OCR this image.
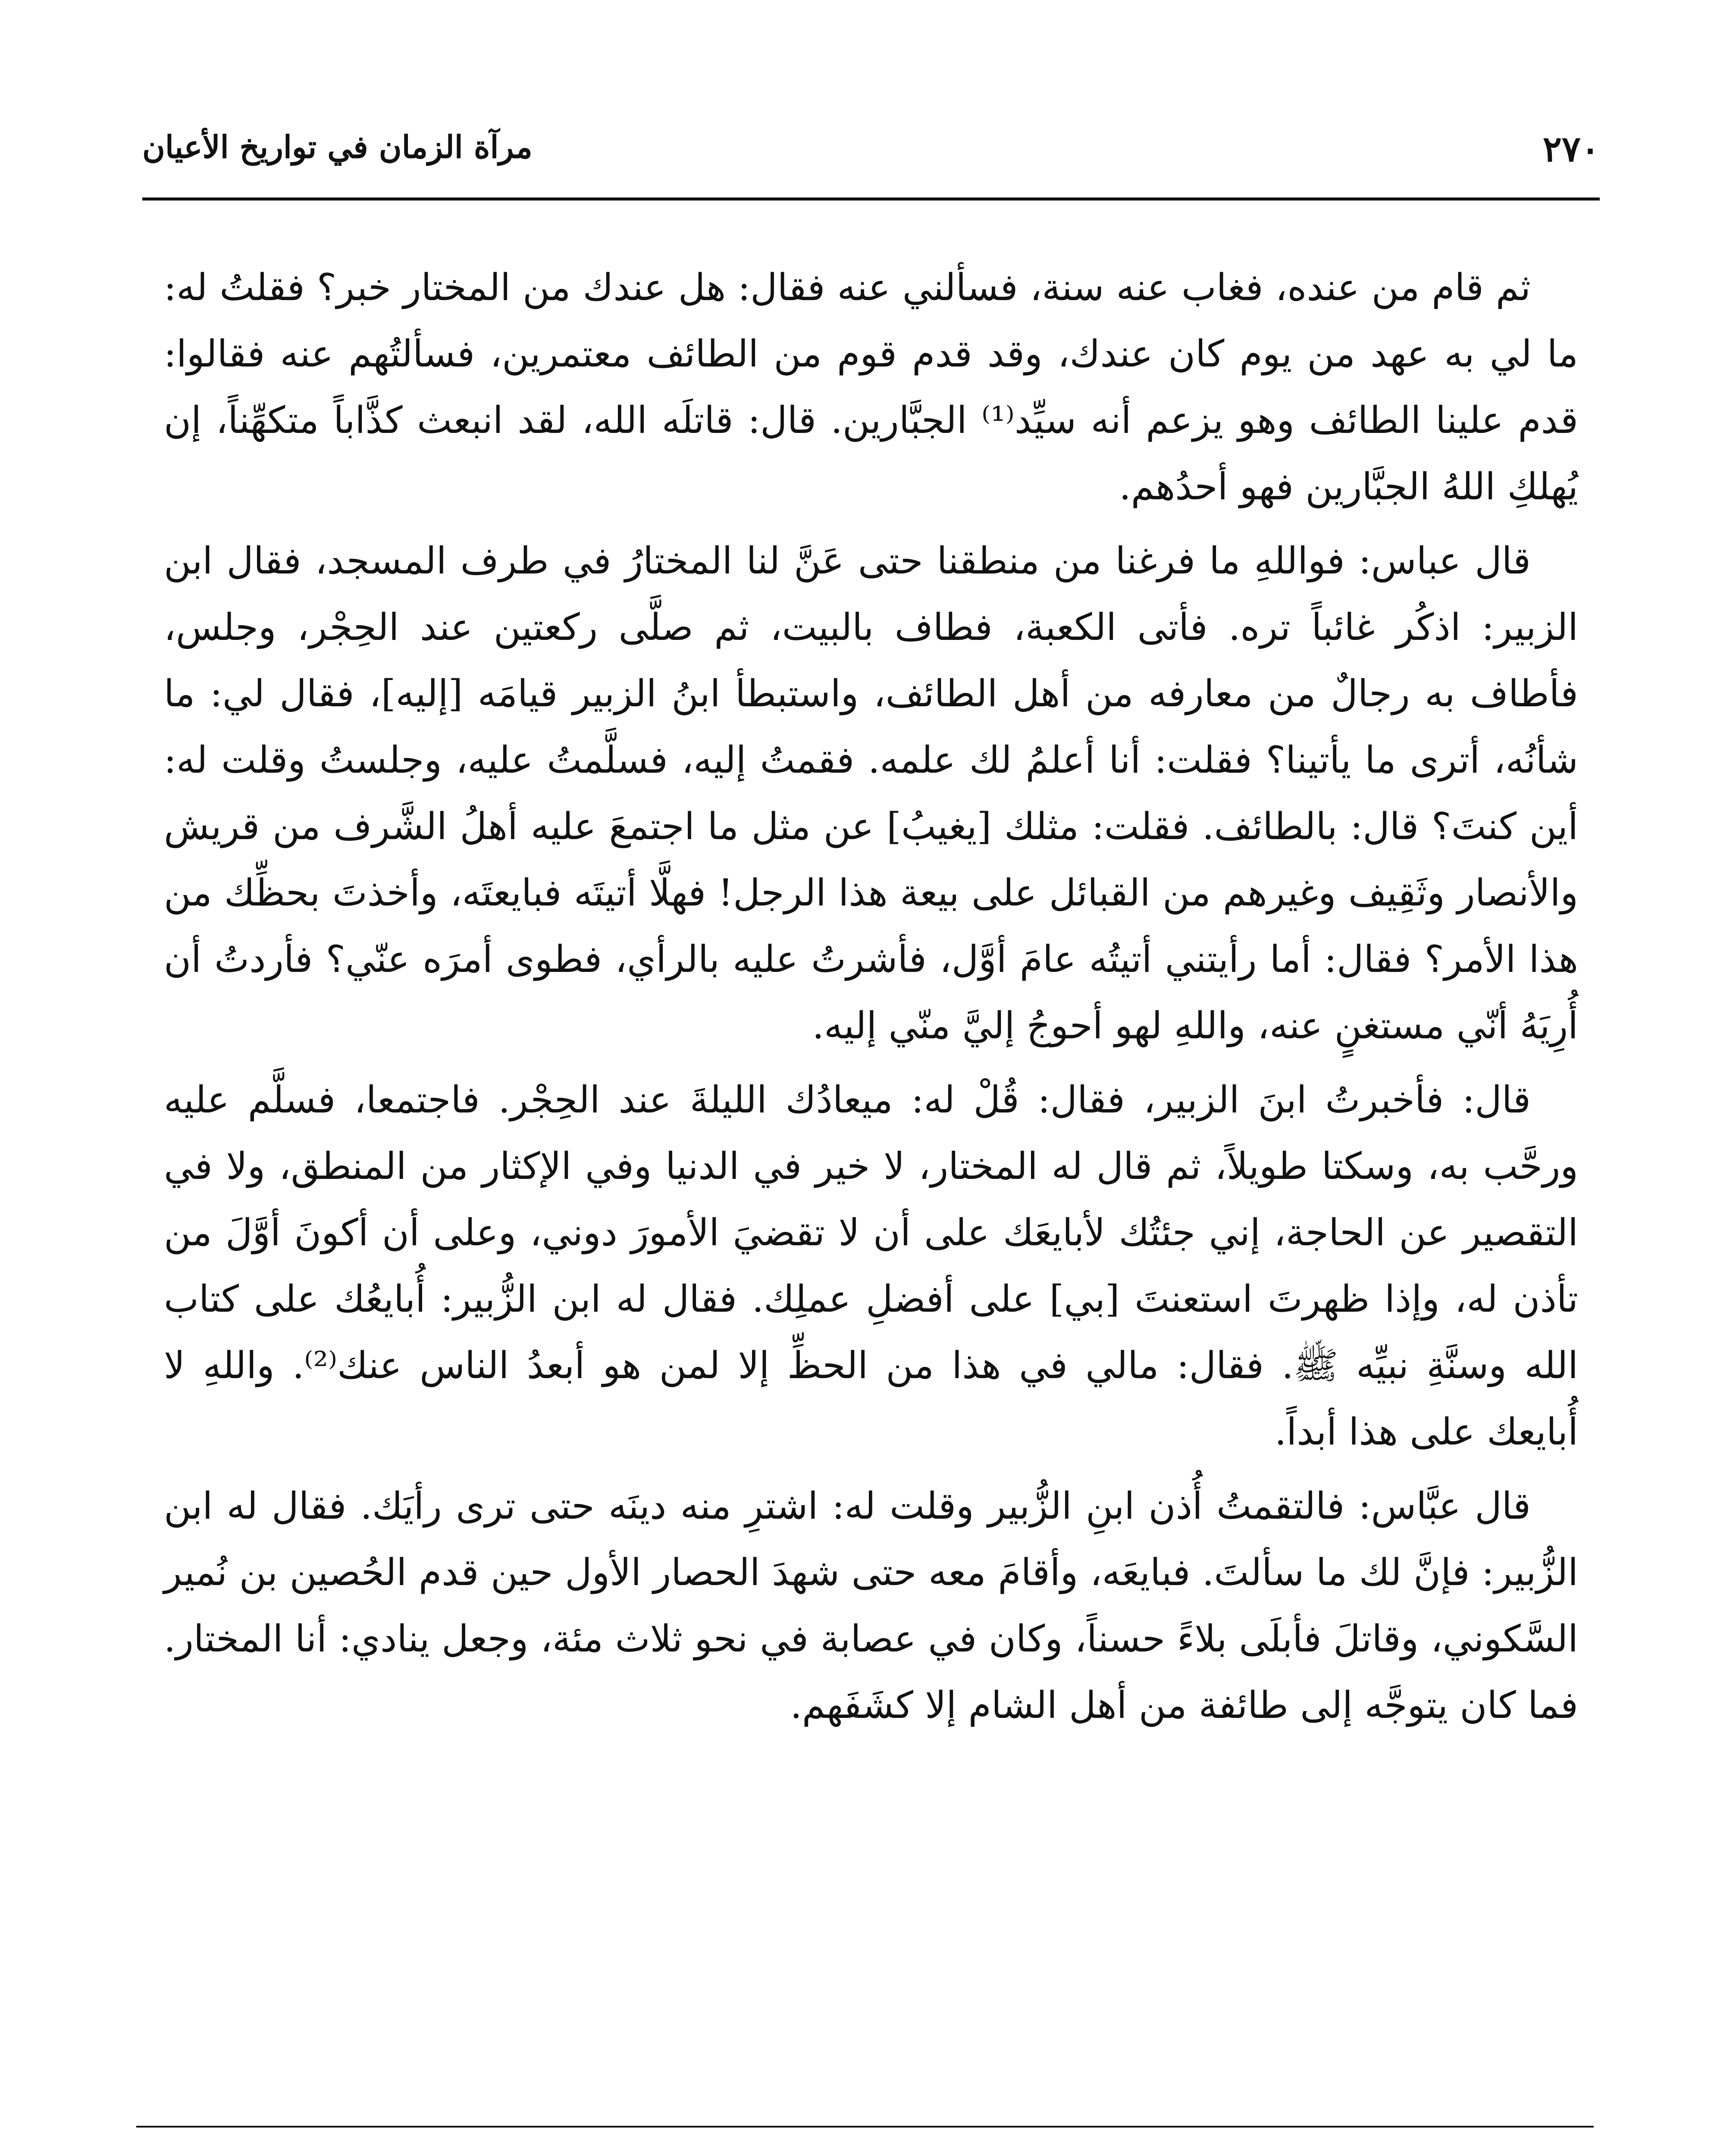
٢٧٠
مرآة الزمان في تواريخ الأعيان

ثم قام من عنده، فغاب عنه سنة، فسألني عنه فقال: هل عندك من المختار خبر؟ فقلتُ له: ما لي به عهد من يوم كان عندك، وقد قدم قوم من الطائف معتمرين، فسألتُهم عنه فقالوا: قدم علينا الطائف وهو يزعم أنه سيِّد⁽¹⁾ الجبَّارين. قال: قاتلَه الله، لقد انبعث كذَّاباً متكهِّناً، إن يُهلكِ اللهُ الجبَّارين فهو أحدُهم.

قال عباس: فواللهِ ما فرغنا من منطقنا حتى عَنَّ لنا المختارُ في طرف المسجد، فقال ابن الزبير: اذكُر غائباً تره. فأتى الكعبة، فطاف بالبيت، ثم صلَّى ركعتين عند الحِجْر، وجلس، فأطاف به رجالٌ من معارفه من أهل الطائف، واستبطأ ابنُ الزبير قيامَه [إليه]، فقال لي: ما شأنُه، أترى ما يأتينا؟ فقلت: أنا أعلمُ لك علمه. فقمتُ إليه، فسلَّمتُ عليه، وجلستُ وقلت له: أين كنتَ؟ قال: بالطائف. فقلت: مثلك [يغيبُ] عن مثل ما اجتمعَ عليه أهلُ الشَّرف من قريش والأنصار وثَقِيف وغيرهم من القبائل على بيعة هذا الرجل! فهلَّا أتيتَه فبايعتَه، وأخذتَ بحظِّك من هذا الأمر؟ فقال: أما رأيتني أتيتُه عامَ أوَّل، فأشرتُ عليه بالرأي، فطوى أمرَه عنّي؟ فأردتُ أن أُرِيَهُ أنّي مستغنٍ عنه، واللهِ لهو أحوجُ إليَّ منّي إليه.

قال: فأخبرتُ ابنَ الزبير، فقال: قُلْ له: ميعادُك الليلةَ عند الحِجْر. فاجتمعا، فسلَّم عليه ورحَّب به، وسكتا طويلاً، ثم قال له المختار، لا خير في الدنيا وفي الإكثار من المنطق، ولا في التقصير عن الحاجة، إني جئتُك لأبايعَك على أن لا تقضيَ الأمورَ دوني، وعلى أن أكونَ أوَّلَ من تأذن له، وإذا ظهرتَ استعنتَ [بي] على أفضلِ عملِك. فقال له ابن الزُّبير: أُبايعُك على كتاب الله وسنَّةِ نبيِّه ﷺ. فقال: مالي في هذا من الحظِّ إلا لمن هو أبعدُ الناس عنك⁽²⁾. واللهِ لا أُبايعك على هذا أبداً.

قال عبَّاس: فالتقمتُ أُذن ابنِ الزُّبير وقلت له: اشترِ منه دينَه حتى ترى رأيَك. فقال له ابن الزُّبير: فإنَّ لك ما سألتَ. فبايعَه، وأقامَ معه حتى شهدَ الحصار الأول حين قدم الحُصين بن نُمير السَّكوني، وقاتلَ فأبلَى بلاءً حسناً، وكان في عصابة في نحو ثلاث مئة، وجعل ينادي: أنا المختار. فما كان يتوجَّه إلى طائفة من أهل الشام إلا كشَفَهم.
